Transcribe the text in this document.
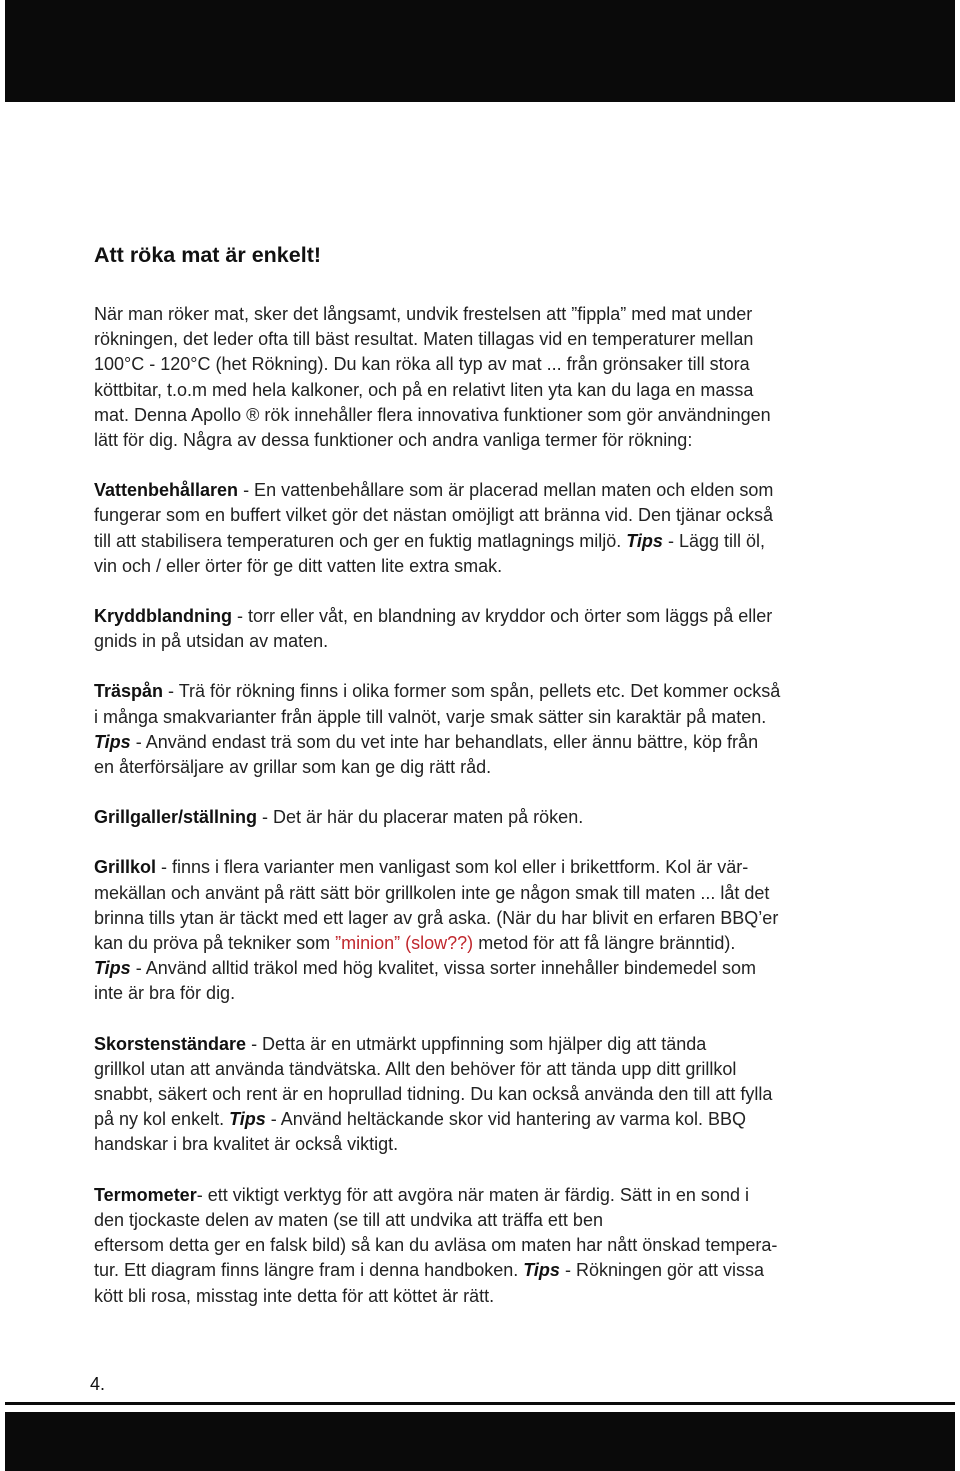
Att röka mat är enkelt!

När man röker mat, sker det långsamt, undvik frestelsen att ”fippla” med mat under
rökningen, det leder ofta till bäst resultat. Maten tillagas vid en temperaturer mellan
100°C - 120°C (het Rökning). Du kan röka all typ av mat ... från grönsaker till stora
köttbitar, t.o.m med hela kalkoner, och på en relativt liten yta kan du laga en massa
mat. Denna Apollo ® rök innehåller flera innovativa funktioner som gör användningen
lätt för dig. Några av dessa funktioner och andra vanliga termer för rökning:

Vattenbehållaren - En vattenbehållare som är placerad mellan maten och elden som
fungerar som en buffert vilket gör det nästan omöjligt att bränna vid. Den tjänar också
till att stabilisera temperaturen och ger en fuktig matlagnings miljö. Tips - Lägg till öl,
vin och / eller örter för ge ditt vatten lite extra smak.

Kryddblandning - torr eller våt, en blandning av kryddor och örter som läggs på eller
gnids in på utsidan av maten.

Träspån - Trä för rökning finns i olika former som spån, pellets etc. Det kommer också
i många smakvarianter från äpple till valnöt, varje smak sätter sin karaktär på maten.
Tips - Använd endast trä som du vet inte har behandlats, eller ännu bättre, köp från
en återförsäljare av grillar som kan ge dig rätt råd.

Grillgaller/ställning - Det är här du placerar maten på röken.

Grillkol - finns i flera varianter men vanligast som kol eller i brikettform. Kol är vär-
mekällan och använt på rätt sätt bör grillkolen inte ge någon smak till maten ... låt det
brinna tills ytan är täckt med ett lager av grå aska. (När du har blivit en erfaren BBQ’er
kan du pröva på tekniker som ”minion” (slow??) metod för att få längre bränntid).
Tips - Använd alltid träkol med hög kvalitet, vissa sorter innehåller bindemedel som
inte är bra för dig.

Skorstenständare - Detta är en utmärkt uppfinning som hjälper dig att tända
grillkol utan att använda tändvätska. Allt den behöver för att tända upp ditt grillkol
snabbt, säkert och rent är en hoprullad tidning. Du kan också använda den till att fylla
på ny kol enkelt. Tips - Använd heltäckande skor vid hantering av varma kol. BBQ
handskar i bra kvalitet är också viktigt.

Termometer- ett viktigt verktyg för att avgöra när maten är färdig. Sätt in en sond i
den tjockaste delen av maten (se till att undvika att träffa ett ben
eftersom detta ger en falsk bild) så kan du avläsa om maten har nått önskad tempera-
tur. Ett diagram finns längre fram i denna handboken. Tips - Rökningen gör att vissa
kött bli rosa, misstag inte detta för att köttet är rätt.

4.
